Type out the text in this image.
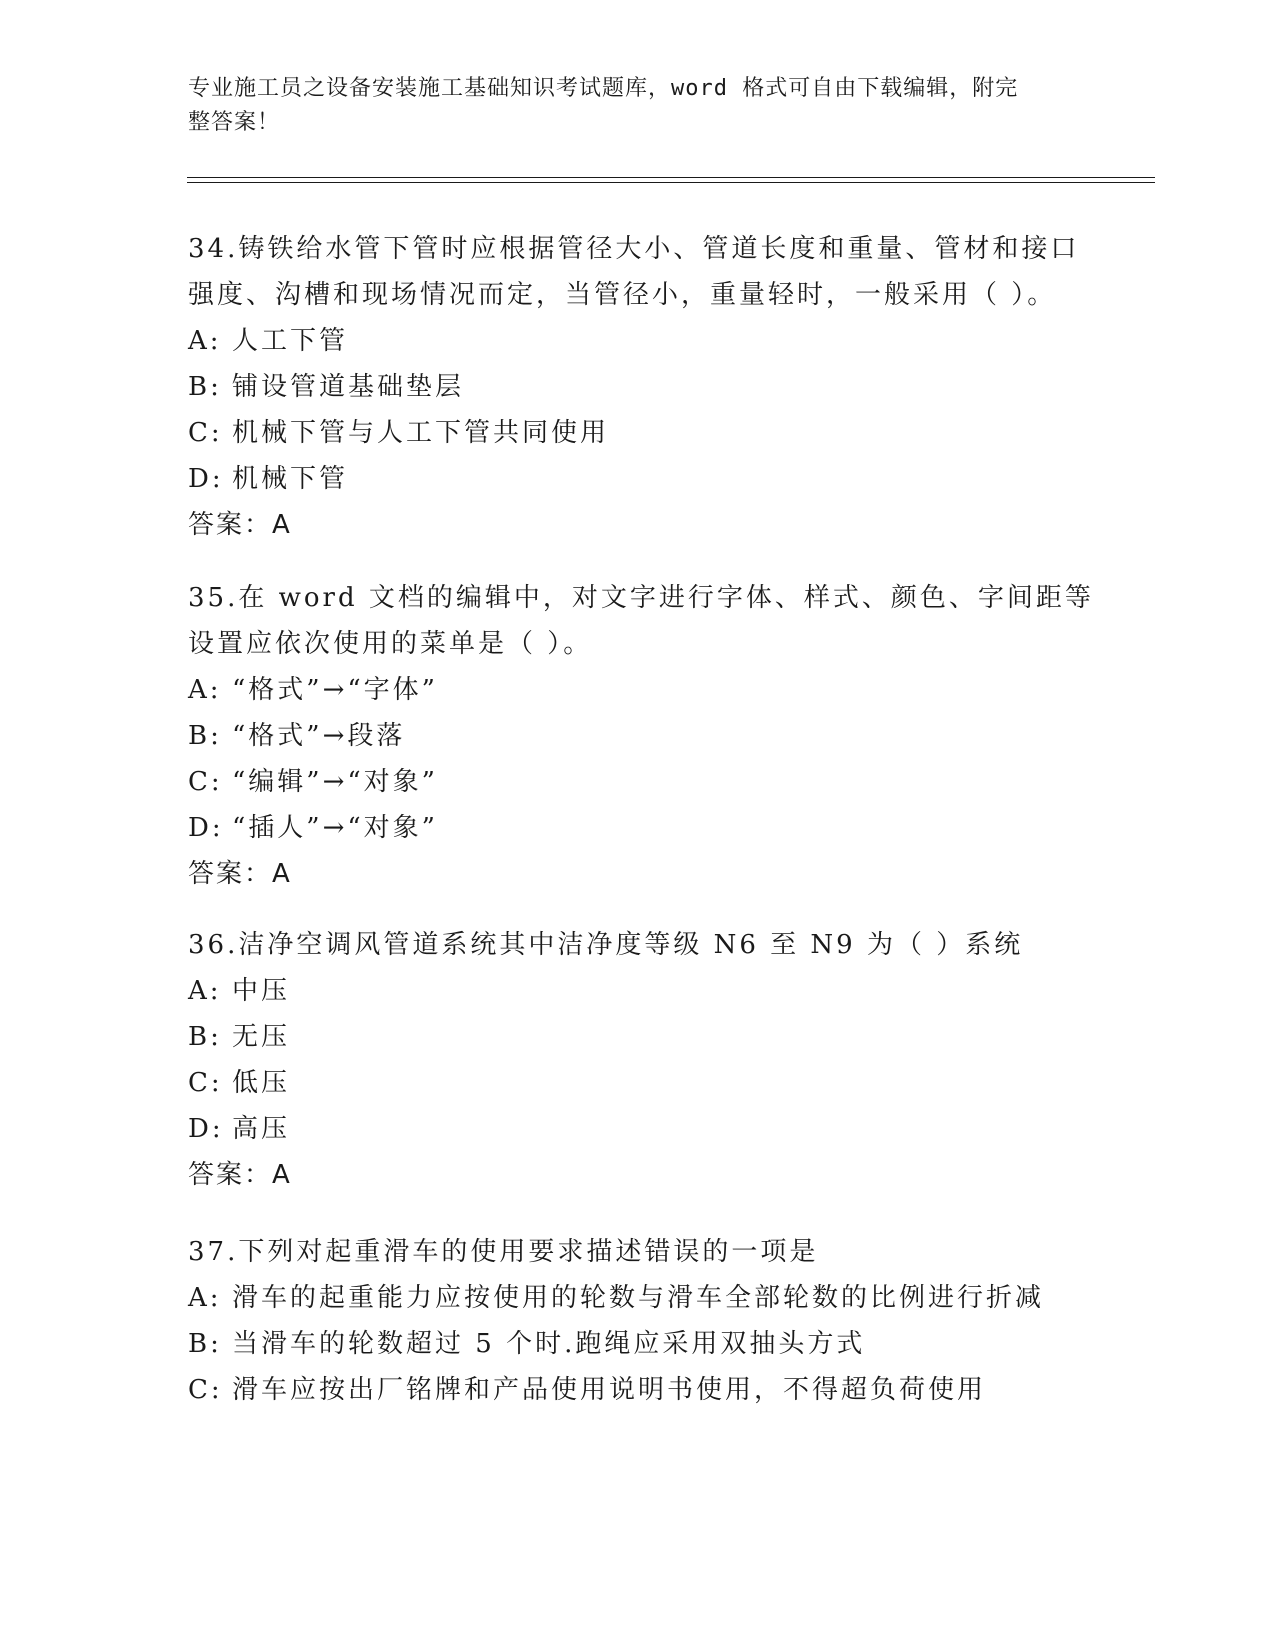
专业施工员之设备安装施工基础知识考试题库，word 格式可自由下载编辑，附完
整答案！
34.铸铁给水管下管时应根据管径大小、管道长度和重量、管材和接口
强度、沟槽和现场情况而定，当管径小，重量轻时，一般采用（ ）。
A: 人工下管
B: 铺设管道基础垫层
C: 机械下管与人工下管共同使用
D: 机械下管
答案：A
35.在 word 文档的编辑中，对文字进行字体、样式、颜色、字间距等
设置应依次使用的菜单是（ ）。
A: “格式”→“字体”
B: “格式”→段落
C: “编辑”→“对象”
D: “插人”→“对象”
答案：A
36.洁净空调风管道系统其中洁净度等级 N6 至 N9 为（ ）系统
A: 中压
B: 无压
C: 低压
D: 高压
答案：A
37.下列对起重滑车的使用要求描述错误的一项是
A: 滑车的起重能力应按使用的轮数与滑车全部轮数的比例进行折减
B: 当滑车的轮数超过 5 个时.跑绳应采用双抽头方式
C: 滑车应按出厂铭牌和产品使用说明书使用，不得超负荷使用
